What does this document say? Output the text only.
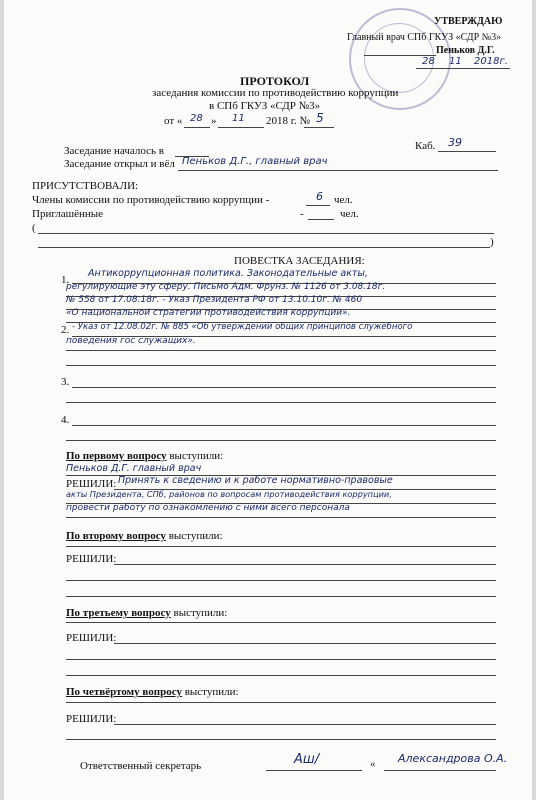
УТВЕРЖДАЮ
Главный врач СПб ГКУЗ «СДР №3»
Пеньков Д.Г.
28 11 2018г.
ПРОТОКОЛ
заседания комиссии по противодействию коррупции
в СПб ГКУЗ «СДР №3»
от « 28 » 11 2018 г. № 5
Заседание началось в	Каб. 39
Заседание открыл и вёл Пеньков Д.Г., главный врач
ПРИСУТСТВОВАЛИ:
Члены комиссии по противодействию коррупции -	6 чел.
Приглашённые	-	чел.
(
)
ПОВЕСТКА ЗАСЕДАНИЯ:
1.
Антикоррупционная политика. Законодательные акты,
регулирующие эту сферу. Письмо Адм. Фрунз. № 1126 от 3.08.18г.
№ 558 от 17.08.18г. - Указ Президента РФ от 13.10.10г. № 460
«О национальной стратегии противодействия коррупции».
2. - Указ от 12.08.02г. № 885 «Об утверждении общих принципов служебного
поведения гос служащих».
3.
4.
По первому вопросу выступили:
Пеньков Д.Г. главный врач
РЕШИЛИ: Принять к сведению и к работе нормативно-правовые
акты Президента, СПб, районов по вопросам противодействия коррупции,
провести работу по ознакомлению с ними всего персонала
По второму вопросу выступили:
РЕШИЛИ:
По третьему вопросу выступили:
РЕШИЛИ:
По четвёртому вопросу выступили:
РЕШИЛИ:
Ответственный секретарь	Аш/	« Александрова О.А.
